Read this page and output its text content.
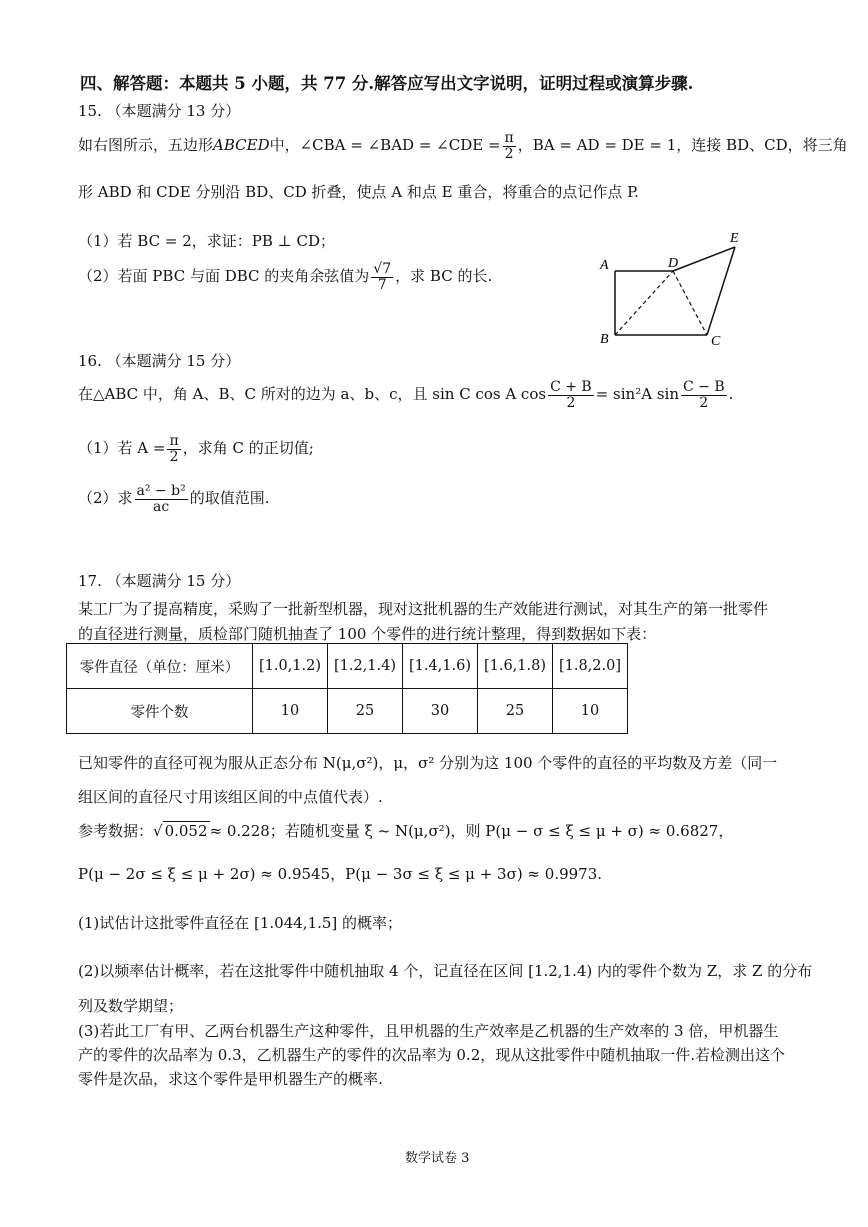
四、解答题：本题共 5 小题，共 77 分.解答应写出文字说明，证明过程或演算步骤.
15. （本题满分 13 分）
如右图所示，五边形ABCED中，∠CBA = ∠BAD = ∠CDE = $\frac{\pi}{2}$ ，BA = AD = DE = 1，连接 BD、CD，将三角
形 ABD 和 CDE 分别沿 BD、CD 折叠，使点 A 和点 E 重合，将重合的点记作点 P.
（1）若 BC = 2，求证：PB ⊥ CD；
（2）若面 PBC 与面 DBC 的夹角余弦值为 $\frac{√7}{7}$ ，求 BC 的长.
A
B	C
D
E
16. （本题满分 15 分）
在△ABC 中，角 A、B、C 所对的边为 a、b、c，且 sin C cos A $\cos \frac{C + B}{2} = \sin^2A$ $\sin \frac{C - B}{2}$ .
（1）若 $A = \frac{\pi}{2}$ ，求角 C 的正切值;
（2）求 $\frac{\text{a² − b²}}{ac}$ 的取值范围.
17. （本题满分 15 分）
某工厂为了提高精度，采购了一批新型机器，现对这批机器的生产效能进行测试，对其生产的第一批零件
的直径进行测量，质检部门随机抽查了 100 个零件的进行统计整理，得到数据如下表：
零件直径（单位：厘米）	[1.0,1.2)	[1.2,1.4)	[1.4,1.6)	[1.6,1.8)	[1.8,2.0]
零件个数	10	25	30	25	10
已知零件的直径可视为服从正态分布 N(μ,σ²)，μ，σ² 分别为这 100 个零件的直径的平均数及方差（同一
组区间的直径尺寸用该组区间的中点值代表）.
参考数据：√ 0.052 ≈ 0.228；若随机变量 ξ ~ N(μ,σ²)，则 P(μ − σ ≤ ξ ≤ μ + σ) ≈ 0.6827，
P(μ − 2σ ≤ ξ ≤ μ + 2σ) ≈ 0.9545，P(μ − 3σ ≤ ξ ≤ μ + 3σ) ≈ 0.9973.
(1)试估计这批零件直径在 [1.044,1.5] 的概率；
(2)以频率估计概率，若在这批零件中随机抽取 4 个，记直径在区间 [1.2,1.4) 内的零件个数为 Z，求 Z 的分布
列及数学期望；
(3)若此工厂有甲、乙两台机器生产这种零件，且甲机器的生产效率是乙机器的生产效率的 3 倍，甲机器生
产的零件的次品率为 0.3，乙机器生产的零件的次品率为 0.2，现从这批零件中随机抽取一件.若检测出这个
零件是次品，求这个零件是甲机器生产的概率.
数学试卷 3
